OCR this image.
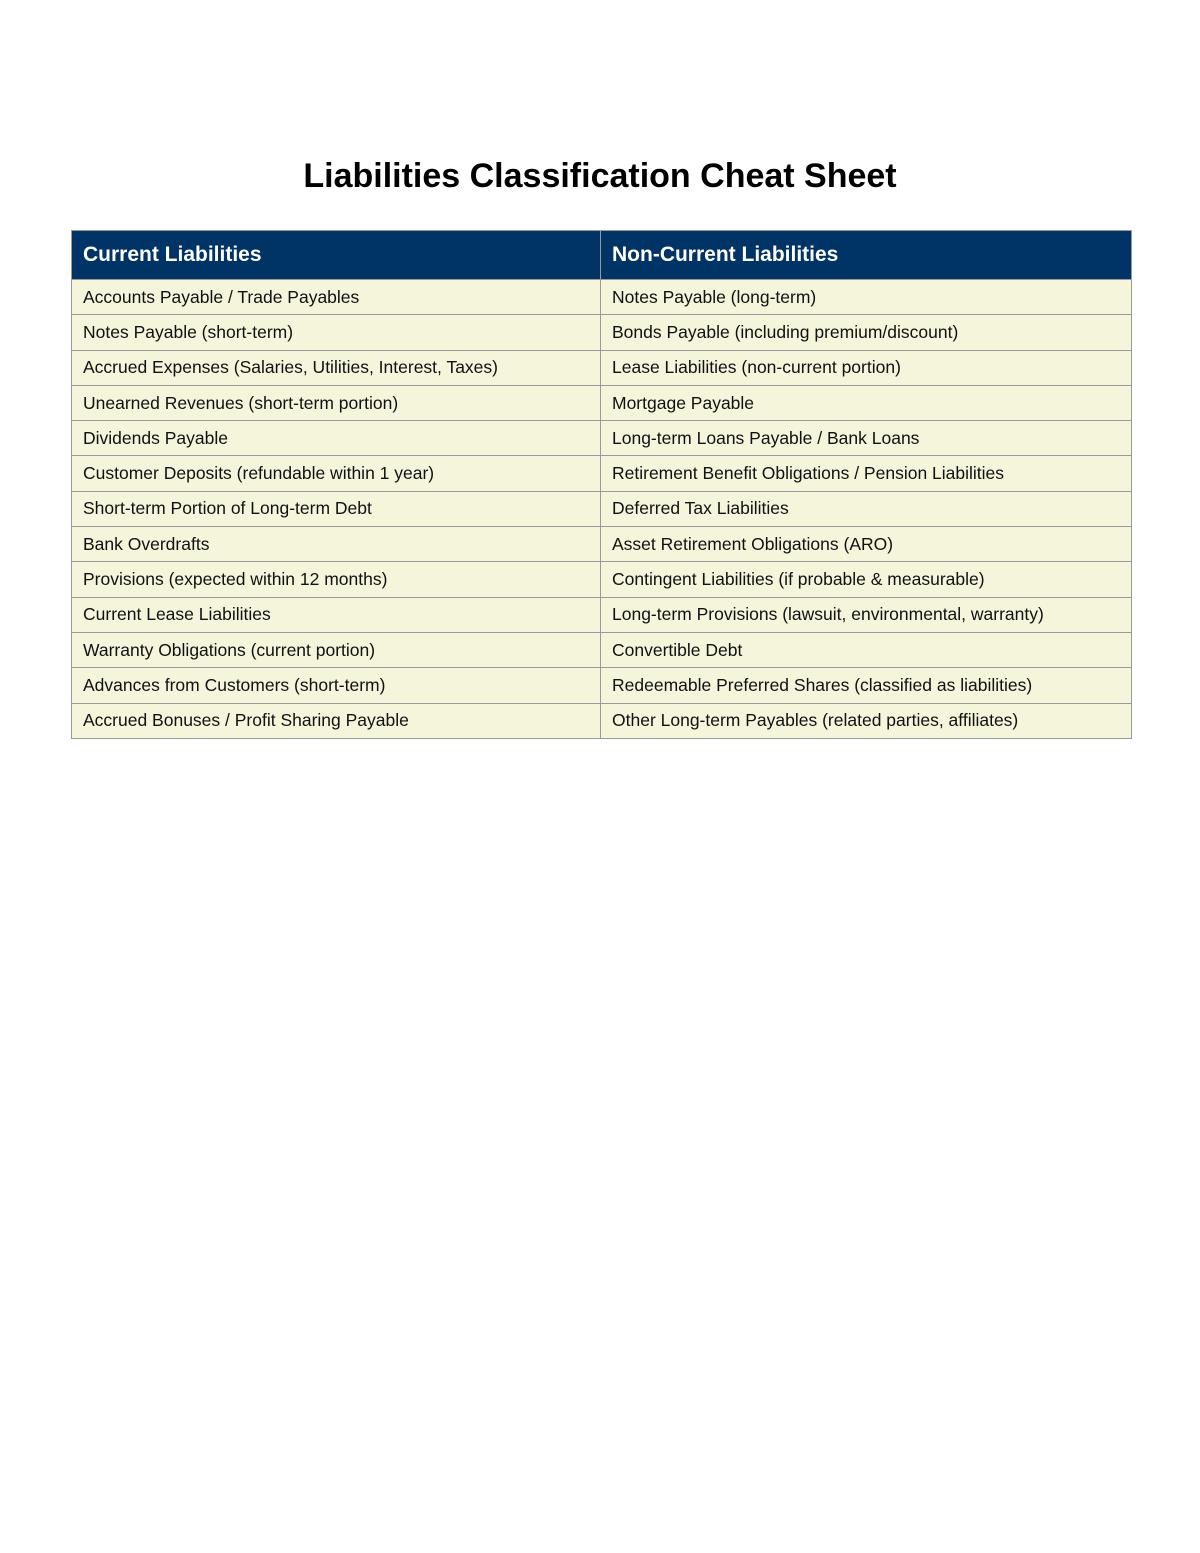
Liabilities Classification Cheat Sheet
Current Liabilities	Non-Current Liabilities
Accounts Payable / Trade Payables	Notes Payable (long-term)
Notes Payable (short-term)	Bonds Payable (including premium/discount)
Accrued Expenses (Salaries, Utilities, Interest, Taxes)	Lease Liabilities (non-current portion)
Unearned Revenues (short-term portion)	Mortgage Payable
Dividends Payable	Long-term Loans Payable / Bank Loans
Customer Deposits (refundable within 1 year)	Retirement Benefit Obligations / Pension Liabilities
Short-term Portion of Long-term Debt	Deferred Tax Liabilities
Bank Overdrafts	Asset Retirement Obligations (ARO)
Provisions (expected within 12 months)	Contingent Liabilities (if probable & measurable)
Current Lease Liabilities	Long-term Provisions (lawsuit, environmental, warranty)
Warranty Obligations (current portion)	Convertible Debt
Advances from Customers (short-term)	Redeemable Preferred Shares (classified as liabilities)
Accrued Bonuses / Profit Sharing Payable	Other Long-term Payables (related parties, affiliates)
